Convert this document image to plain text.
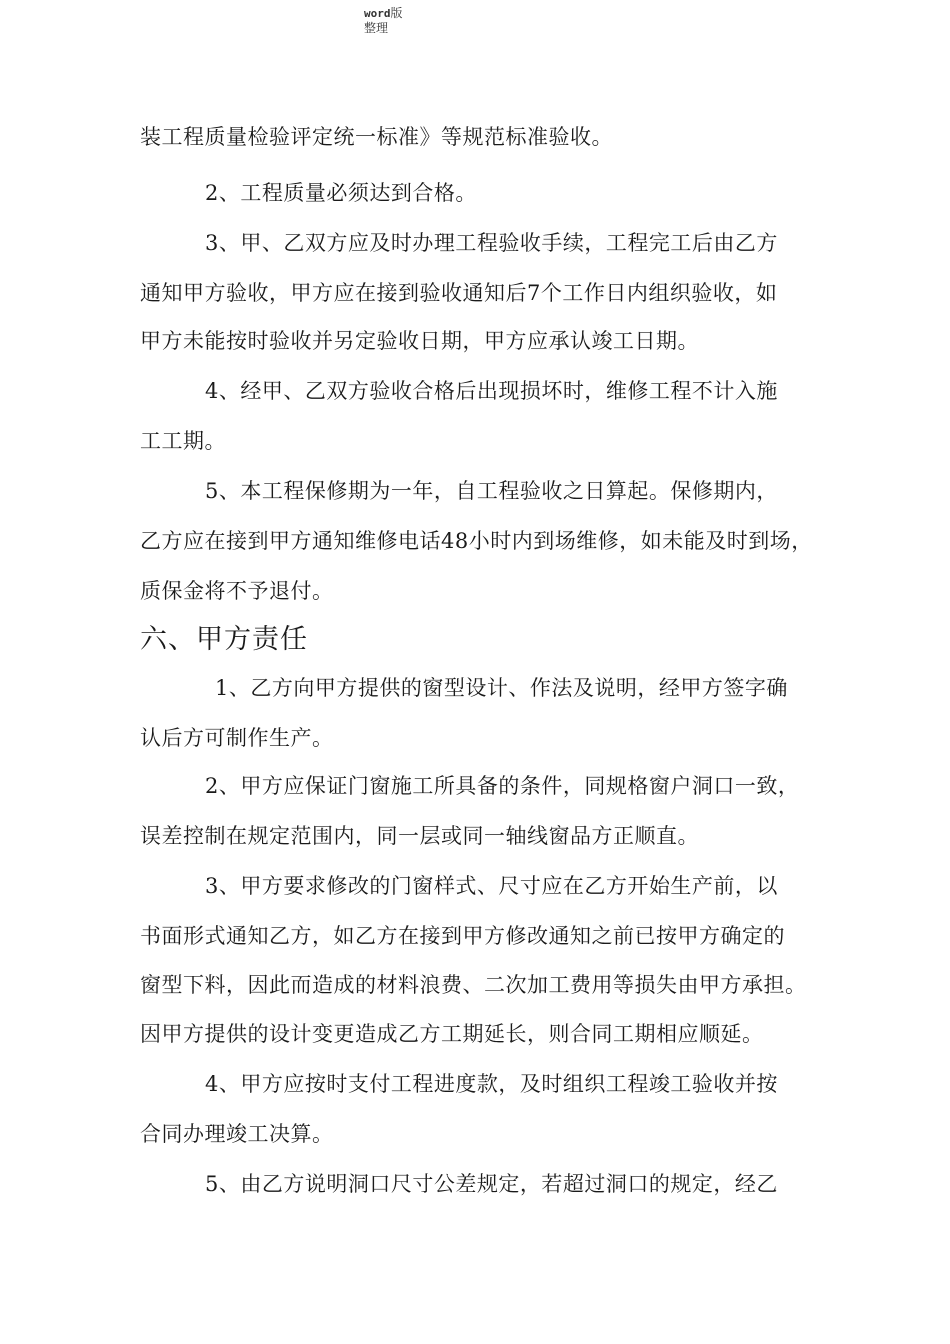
word版
整理
装工程质量检验评定统一标准》等规范标准验收。
2、工程质量必须达到合格。
3、甲、乙双方应及时办理工程验收手续，工程完工后由乙方
通知甲方验收，甲方应在接到验收通知后7个工作日内组织验收，如
甲方未能按时验收并另定验收日期，甲方应承认竣工日期。
4、经甲、乙双方验收合格后出现损坏时，维修工程不计入施
工工期。
5、本工程保修期为一年，自工程验收之日算起。保修期内，
乙方应在接到甲方通知维修电话48小时内到场维修，如未能及时到场，
质保金将不予退付。
六、甲方责任
1、乙方向甲方提供的窗型设计、作法及说明，经甲方签字确
认后方可制作生产。
2、甲方应保证门窗施工所具备的条件，同规格窗户洞口一致，
误差控制在规定范围内，同一层或同一轴线窗品方正顺直。
3、甲方要求修改的门窗样式、尺寸应在乙方开始生产前，以
书面形式通知乙方，如乙方在接到甲方修改通知之前已按甲方确定的
窗型下料，因此而造成的材料浪费、二次加工费用等损失由甲方承担。
因甲方提供的设计变更造成乙方工期延长，则合同工期相应顺延。
4、甲方应按时支付工程进度款，及时组织工程竣工验收并按
合同办理竣工决算。
5、由乙方说明洞口尺寸公差规定，若超过洞口的规定，经乙
